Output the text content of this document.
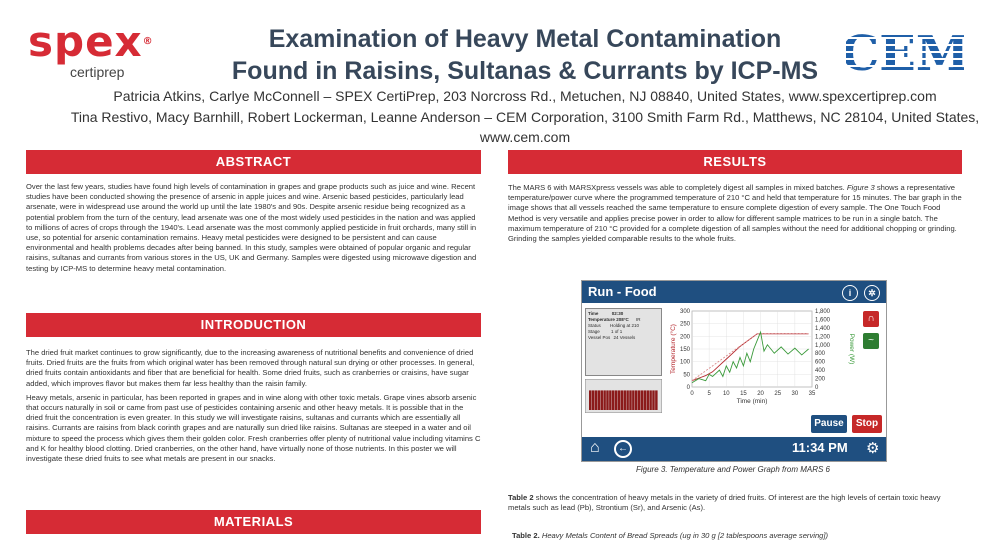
spex®
certiprep
Examination of Heavy Metal Contamination
Found in Raisins, Sultanas & Currants by ICP-MS
Patricia Atkins, Carlye McConnell – SPEX CertiPrep, 203 Norcross Rd., Metuchen, NJ 08840, United States, www.spexcertiprep.com
Tina Restivo, Macy Barnhill, Robert Lockerman, Leanne Anderson – CEM Corporation, 3100 Smith Farm Rd., Matthews, NC 28104, United States, www.cem.com
ABSTRACT
Over the last few years, studies have found high levels of contamination in grapes and grape products such as juice and wine. Recent studies have been conducted showing the presence of arsenic in apple juices and wine. Arsenic based pesticides, particularly lead arsenate, were in widespread use around the world up until the late 1980's and 90s. Despite arsenic residue being recognized as a potential problem from the turn of the century, lead arsenate was one of the most widely used pesticides in the nation and was applied to millions of acres of crops through the 1940's. Lead arsenate was the most commonly applied pesticide in fruit orchards, many still in use, so potential for arsenic contamination remains. Heavy metal pesticides were designed to be persistent and can cause environmental and health problems decades after being banned. In this study, samples were obtained of popular organic and regular raisins, sultanas and currants from various stores in the US, UK and Germany. Samples were digested using microwave digestion and testing by ICP-MS to determine heavy metal contamination.
INTRODUCTION

The dried fruit market continues to grow significantly, due to the increasing awareness of nutritional benefits and convenience of dried fruits. Dried fruits are the fruits from which original water has been removed through natural sun drying or other processes. In general, dried fruits contain antioxidants and fiber that are beneficial for health. Some dried fruits, such as cranberries or craisins, have sugar added, which improves flavor but makes them far less healthy than the raisin family.

Heavy metals, arsenic in particular, has been reported in grapes and in wine along with other toxic metals. Grape vines absorb arsenic that occurs naturally in soil or came from past use of pesticides containing arsenic and other heavy metals. It is possible that in the dried fruit the concentration is even greater. In this study we will investigate raisins, sultanas and currants which are essentially all raisins. Currants are raisins from black corinth grapes and are naturally sun dried like raisins. Sultanas are steeped in a water and oil mixture to speed the process which gives them their golden color. Fresh cranberries offer plenty of nutritional value including vitamins C and K for healthy blood clotting. Dried cranberries, on the other hand, have virtually none of those nutrients. In this poster we will investigate these dried fruits to see what metals are present in our snacks.

MATERIALS
RESULTS
The MARS 6 with MARSXpress vessels was able to completely digest all samples in mixed batches. Figure 3 shows a representative temperature/power curve where the programmed temperature of 210 °C and held that temperature for 15 minutes. The bar graph in the image shows that all vessels reached the same temperature to ensure complete digestion of every sample. The One Touch Food Method is very versatile and applies precise power in order to allow for different sample matrices to be run in a single batch. The maximum temperature of 210 °C provided for a complete digestion of all samples without the need for additional chopping or grinding. Grinding the samples yielded comparable results to the whole fruits.
Run - Food	i	✲
Time	02:30
Temperature 208°C IR
Status Holding at 210
Stage	1 of 1
Vessel Pos 24 Vessels
0
50
100
150
200
250
300
0 5 10 15 20 25 30 35
0
200
400
600
800
1,000
1,200
1,400
1,600
1,800
Time (min)
Temperature (°C)	Power (W)
∩
~
Pause	Stop
⌂	←	11:34 PM ⚙
Figure 3. Temperature and Power Graph from MARS 6
Table 2 shows the concentration of heavy metals in the variety of dried fruits. Of interest are the high levels of certain toxic heavy metals such as lead (Pb), Strontium (Sr), and Arsenic (As).
Table 2. Heavy Metals Content of Bread Spreads (ug in 30 g [2 tablespoons average serving])
